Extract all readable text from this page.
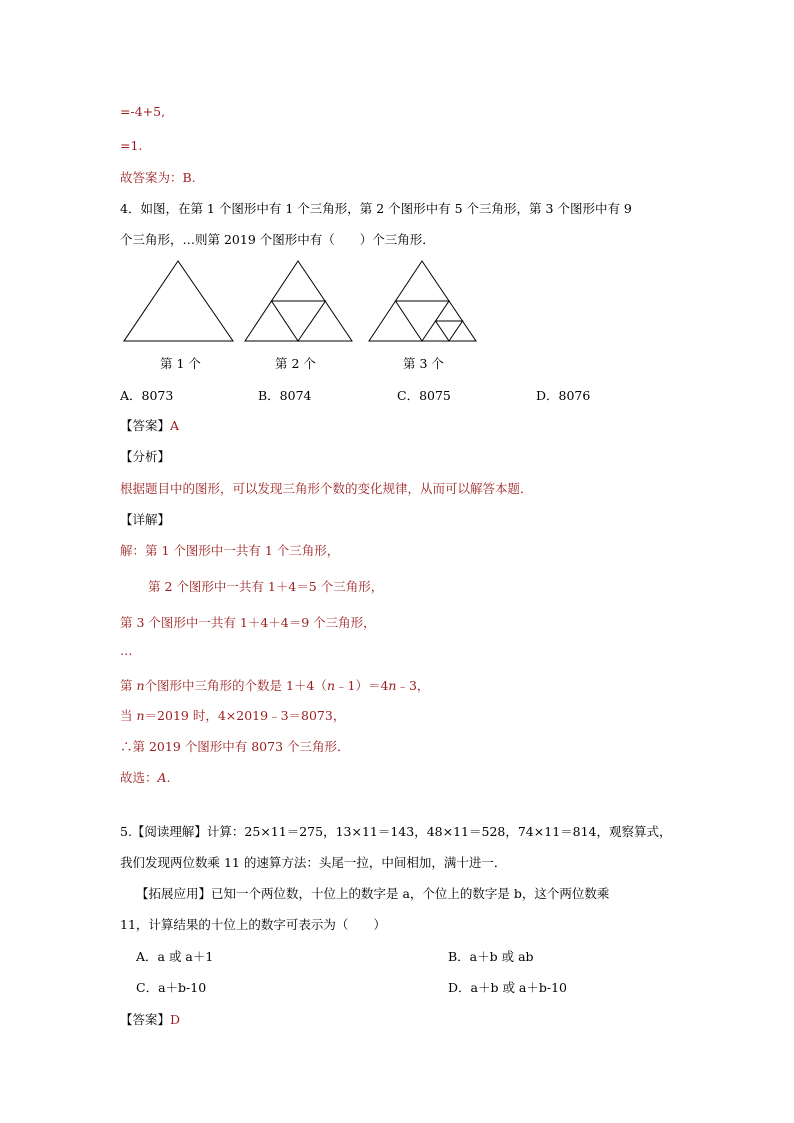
=-4+5,
=1.
故答案为：B.
4．如图，在第 1 个图形中有 1 个三角形，第 2 个图形中有 5 个三角形，第 3 个图形中有 9
个三角形，…则第 2019 个图形中有（　　）个三角形．
第 1 个	第 2 个	第 3 个
A．8073	B．8074	C．8075	D．8076
【答案】A
【分析】
根据题目中的图形，可以发现三角形个数的变化规律，从而可以解答本题．
【详解】
解：第 1 个图形中一共有 1 个三角形，
第 2 个图形中一共有 1＋4＝5 个三角形，
第 3 个图形中一共有 1＋4＋4＝9 个三角形，
…
第 n个图形中三角形的个数是 1＋4（n﹣1）＝4n﹣3，
当 n＝2019 时，4×2019﹣3＝8073，
∴第 2019 个图形中有 8073 个三角形．
故选：A.
5.【阅读理解】计算：25×11＝275，13×11＝143，48×11＝528，74×11＝814，观察算式，
我们发现两位数乘 11 的速算方法：头尾一拉，中间相加，满十进一．
【拓展应用】已知一个两位数，十位上的数字是 a，个位上的数字是 b，这个两位数乘
11，计算结果的十位上的数字可表示为（　　）
A．a 或 a＋1	B．a＋b 或 ab
C．a＋b-10	D．a＋b 或 a＋b-10
【答案】D
